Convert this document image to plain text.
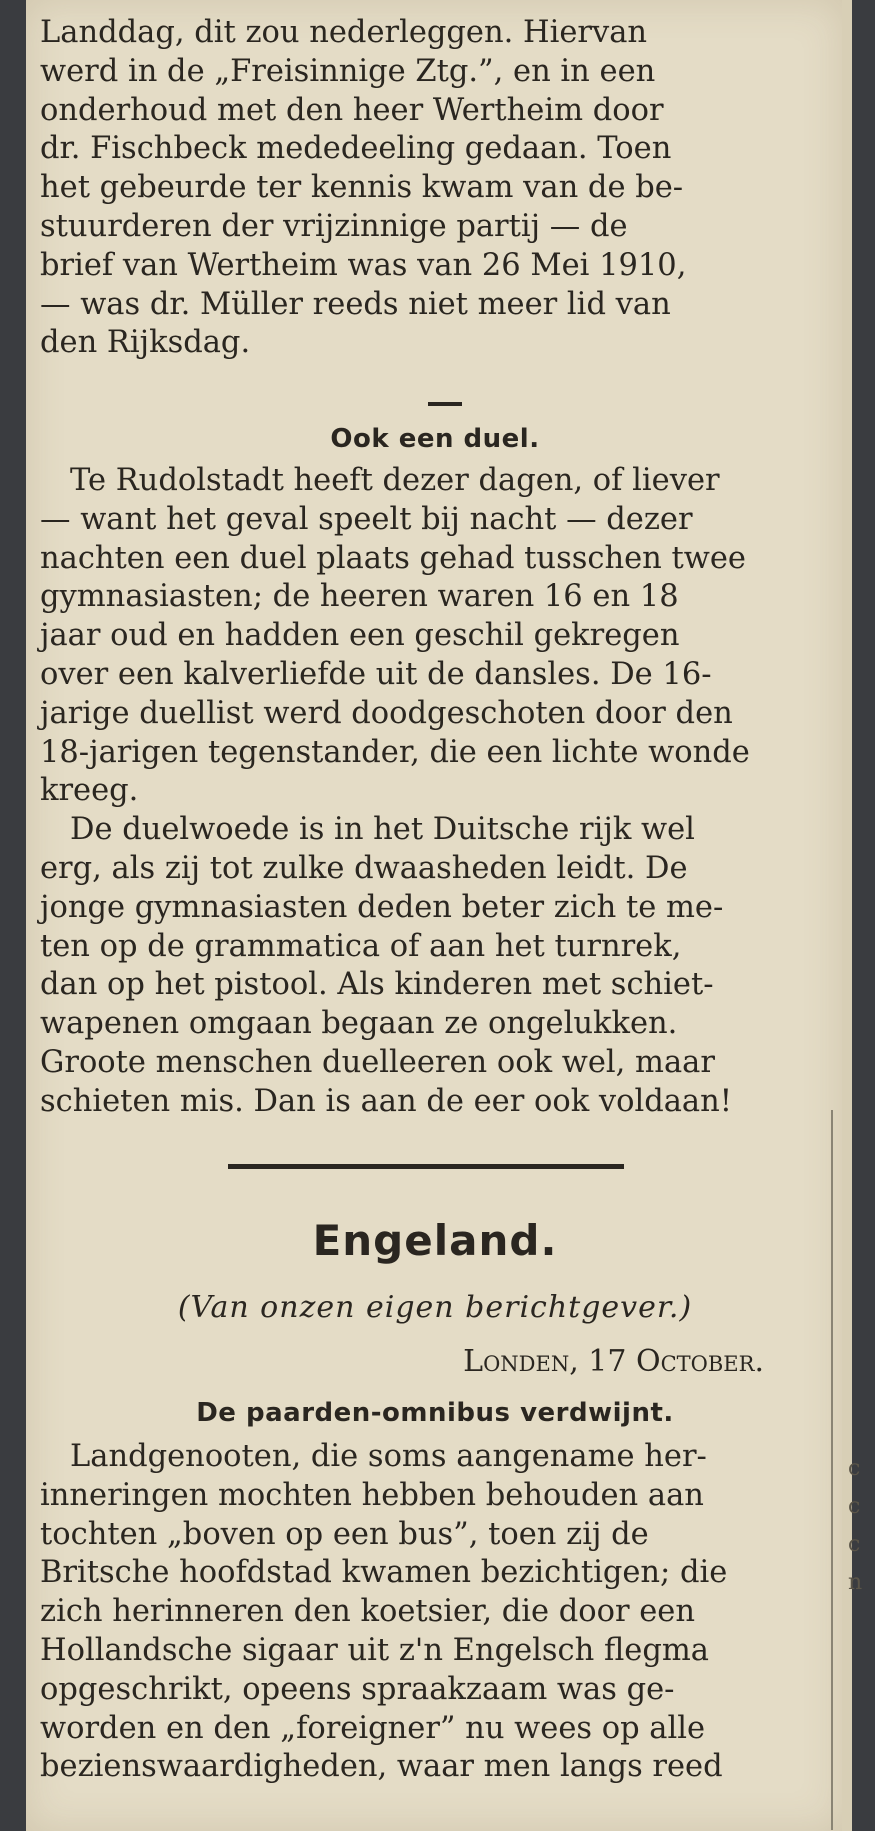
Landdag, dit zou nederleggen. Hiervan
werd in de „Freisinnige Ztg.”, en in een
onderhoud met den heer Wertheim door
dr. Fischbeck mededeeling gedaan. Toen
het gebeurde ter kennis kwam van de be-
stuurderen der vrijzinnige partij — de
brief van Wertheim was van 26 Mei 1910,
— was dr. Müller reeds niet meer lid van
den Rijksdag.

Ook een duel.

Te Rudolstadt heeft dezer dagen, of liever
— want het geval speelt bij nacht — dezer
nachten een duel plaats gehad tusschen twee
gymnasiasten; de heeren waren 16 en 18
jaar oud en hadden een geschil gekregen
over een kalverliefde uit de dansles. De 16-
jarige duellist werd doodgeschoten door den
18-jarigen tegenstander, die een lichte wonde
kreeg.

De duelwoede is in het Duitsche rijk wel
erg, als zij tot zulke dwaasheden leidt. De
jonge gymnasiasten deden beter zich te me-
ten op de grammatica of aan het turnrek,
dan op het pistool. Als kinderen met schiet-
wapenen omgaan begaan ze ongelukken.
Groote menschen duelleeren ook wel, maar
schieten mis. Dan is aan de eer ook voldaan!

Engeland.
(Van onzen eigen berichtgever.)
Londen, 17 October.
De paarden-omnibus verdwijnt.

Landgenooten, die soms aangename her-
inneringen mochten hebben behouden aan
tochten „boven op een bus”, toen zij de
Britsche hoofdstad kwamen bezichtigen; die
zich herinneren den koetsier, die door een
Hollandsche sigaar uit z'n Engelsch flegma
opgeschrikt, opeens spraakzaam was ge-
worden en den „foreigner” nu wees op alle
bezienswaardigheden, waar men langs reed

c
c
c
n
